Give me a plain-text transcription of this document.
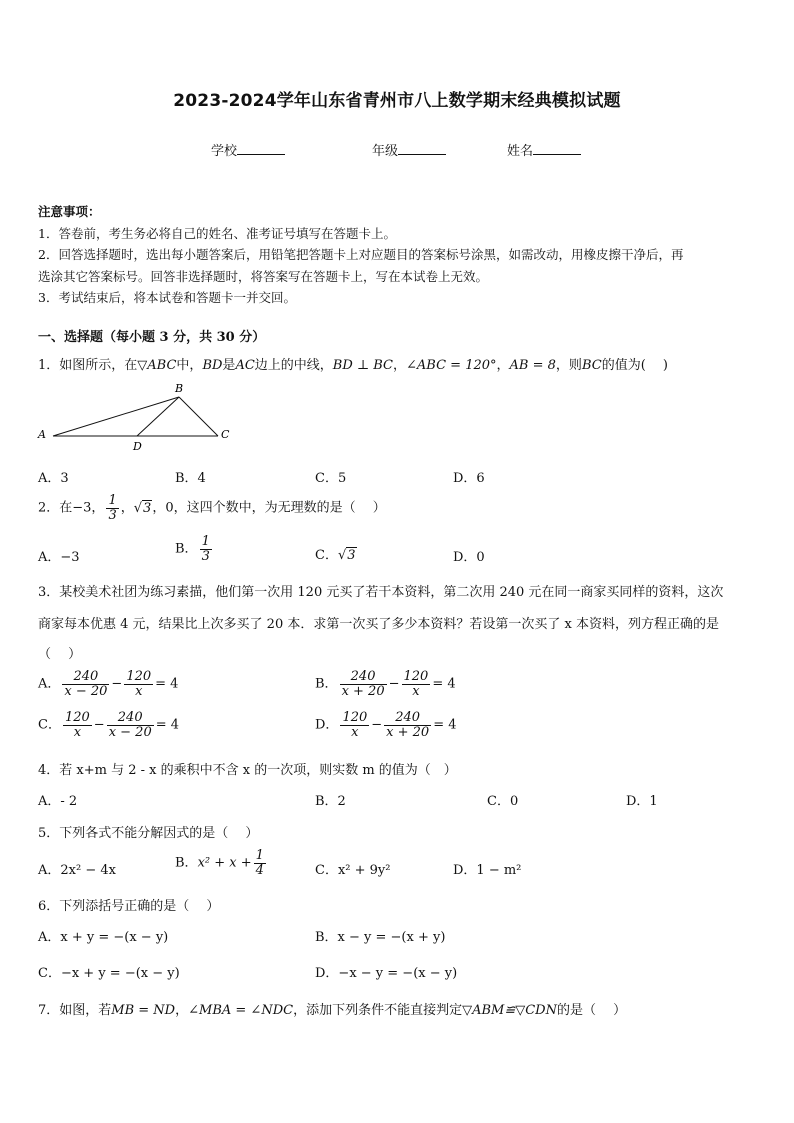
2023-2024学年山东省青州市八上数学期末经典模拟试题
学校	年级	姓名
注意事项：
1．答卷前，考生务必将自己的姓名、准考证号填写在答题卡上。
2．回答选择题时，选出每小题答案后，用铅笔把答题卡上对应题目的答案标号涂黑，如需改动，用橡皮擦干净后，再
选涂其它答案标号。回答非选择题时，将答案写在答题卡上，写在本试卷上无效。
3．考试结束后，将本试卷和答题卡一并交回。
一、选择题（每小题 3 分，共 30 分）
1．如图所示，在▽ABC中，BD是AC边上的中线，BD ⊥ BC，∠ABC = 120°，AB = 8，则BC的值为(　 )
A
B
C
D
A．3	B．4	C．5	D．6
2．在−3， $\frac{1}{3}$ ，√3，0，这四个数中，为无理数的是（　 ）
A．−3
B． $\frac{1}{3}$	C．√3	D．0
3．某校美术社团为练习素描，他们第一次用 120 元买了若干本资料，第二次用 240 元在同一商家买同样的资料，这次
商家每本优惠 4 元，结果比上次多买了 20 本．求第一次买了多少本资料？若设第一次买了 x 本资料，列方程正确的是
（　 ）
A． $\frac{240}{x - 20} - \frac{120}{x} = 4$	B． $\frac{240}{x + 20} - \frac{120}{x} = 4$
C． $\frac{120}{x} - \frac{240}{x - 20} = 4$	D． $\frac{120}{x} - \frac{240}{x + 20} = 4$
4．若 x+m 与 2 - x 的乘积中不含 x 的一次项，则实数 m 的值为（　）
A．- 2	B．2	C．0	D．1
5．下列各式不能分解因式的是（　 ）
A．2x² − 4x	B．$x^2 + x + \frac{1}{4}$	C．x² + 9y²	D．1 − m²
6．下列添括号正确的是（　 ）
A．x + y = −(x − y)	B．x − y = −(x + y)
C．−x + y = −(x − y)	D．−x − y = −(x − y)
7．如图，若MB = ND，∠MBA = ∠NDC，添加下列条件不能直接判定▽ABM≌▽CDN的是（　 ）
